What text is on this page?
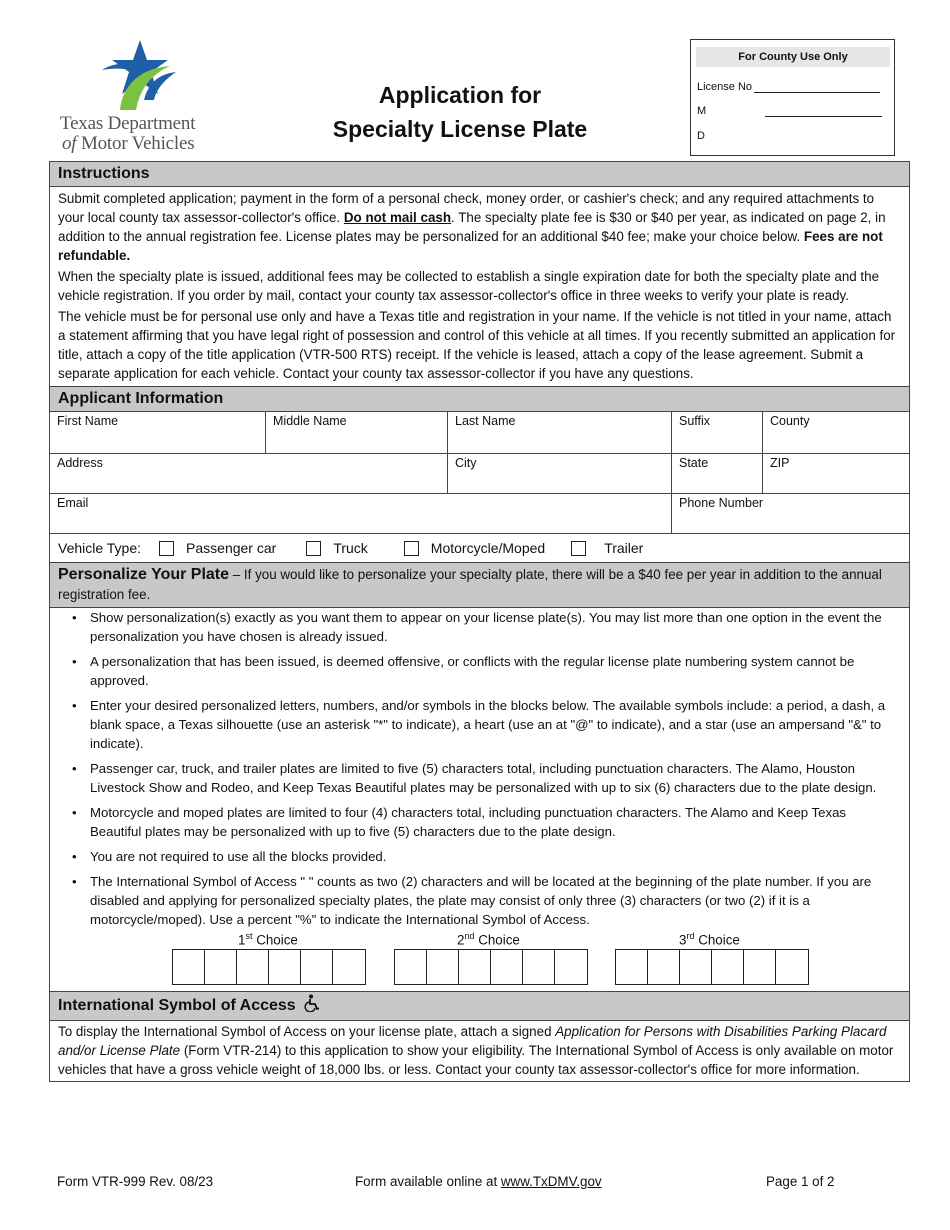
Texas Department
of Motor Vehicles
Application for
Specialty License Plate
For County Use Only
License No
M
D
Instructions
Submit completed application; payment in the form of a personal check, money order, or cashier's check; and any required attachments to your local county tax assessor-collector's office. Do not mail cash. The specialty plate fee is $30 or $40 per year, as indicated on page 2, in addition to the annual registration fee. License plates may be personalized for an additional $40 fee; make your choice below. Fees are not refundable.
When the specialty plate is issued, additional fees may be collected to establish a single expiration date for both the specialty plate and the vehicle registration. If you order by mail, contact your county tax assessor-collector's office in three weeks to verify your plate is ready.
The vehicle must be for personal use only and have a Texas title and registration in your name. If the vehicle is not titled in your name, attach a statement affirming that you have legal right of possession and control of this vehicle at all times. If you recently submitted an application for title, attach a copy of the title application (VTR-500 RTS) receipt. If the vehicle is leased, attach a copy of the lease agreement. Submit a separate application for each vehicle. Contact your county tax assessor-collector if you have any questions.
Applicant Information
First Name	Middle Name	Last Name	Suffix	County
Address	City	State	ZIP
Email	Phone Number
Vehicle Type:	Passenger car	Truck	Motorcycle/Moped	Trailer
Personalize Your Plate – If you would like to personalize your specialty plate, there will be a $40 fee per year in addition to the annual registration fee.
• Show personalization(s) exactly as you want them to appear on your license plate(s). You may list more than one option in the event the personalization you have chosen is already issued.
• A personalization that has been issued, is deemed offensive, or conflicts with the regular license plate numbering system cannot be approved.
• Enter your desired personalized letters, numbers, and/or symbols in the blocks below. The available symbols include: a period, a dash, a blank space, a Texas silhouette (use an asterisk "*" to indicate), a heart (use an at "@" to indicate), and a star (use an ampersand "&" to indicate).
• Passenger car, truck, and trailer plates are limited to five (5) characters total, including punctuation characters. The Alamo, Houston Livestock Show and Rodeo, and Keep Texas Beautiful plates may be personalized with up to six (6) characters due to the plate design.
• Motorcycle and moped plates are limited to four (4) characters total, including punctuation characters. The Alamo and Keep Texas Beautiful plates may be personalized with up to five (5) characters due to the plate design.
• You are not required to use all the blocks provided.
• The International Symbol of Access " " counts as two (2) characters and will be located at the beginning of the plate number. If you are disabled and applying for personalized specialty plates, the plate may consist of only three (3) characters (or two (2) if it is a motorcycle/moped). Use a percent "%" to indicate the International Symbol of Access.
1st Choice	2nd Choice	3rd Choice
International Symbol of Access
To display the International Symbol of Access on your license plate, attach a signed Application for Persons with Disabilities Parking Placard and/or License Plate (Form VTR-214) to this application to show your eligibility. The International Symbol of Access is only available on motor vehicles that have a gross vehicle weight of 18,000 lbs. or less. Contact your county tax assessor-collector's office for more information.
Form VTR-999 Rev. 08/23	Form available online at www.TxDMV.gov	Page 1 of 2
